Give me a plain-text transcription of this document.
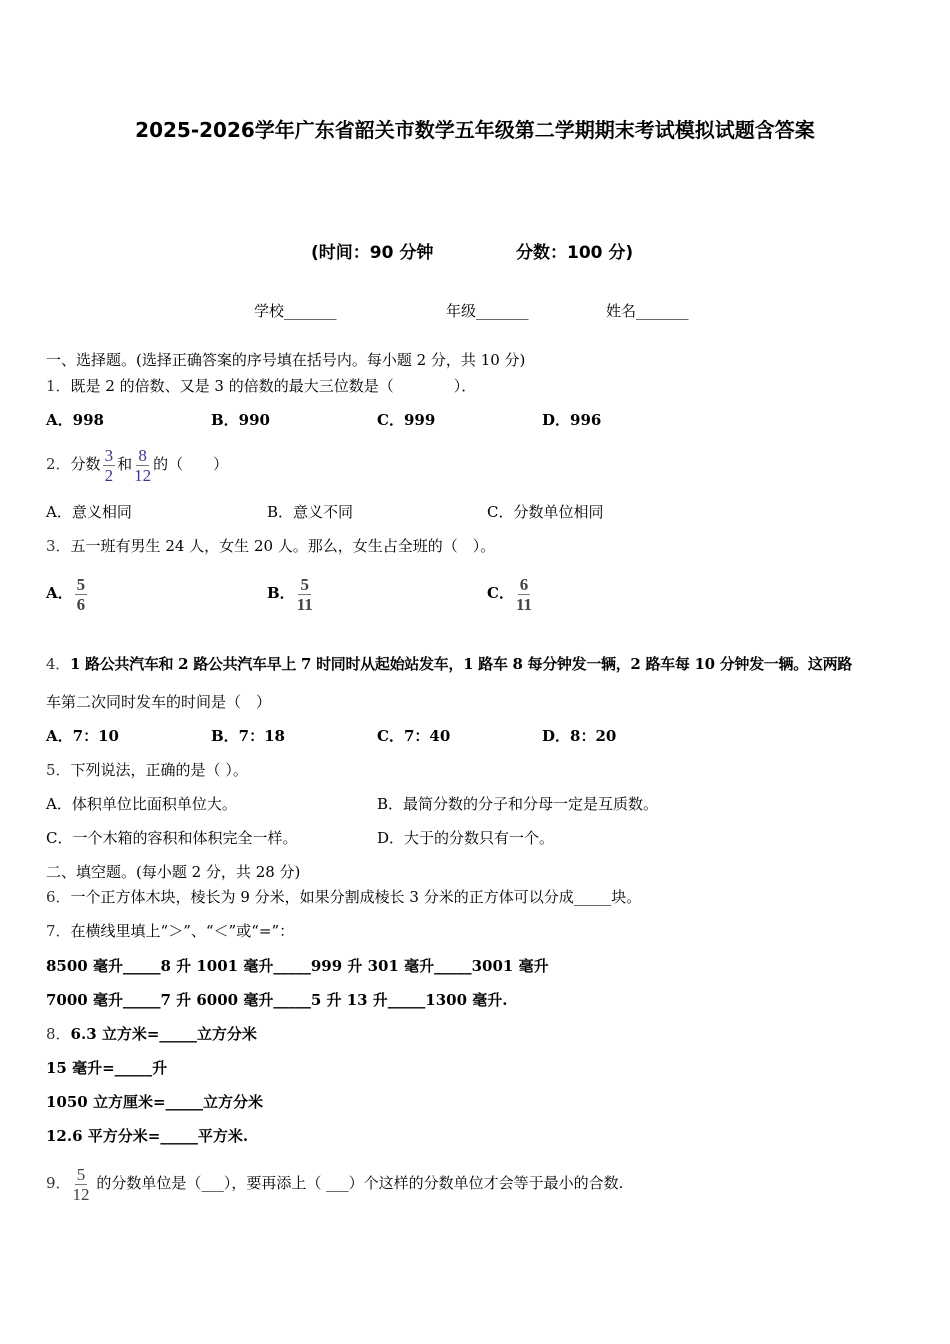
2025-2026学年广东省韶关市数学五年级第二学期期末考试模拟试题含答案
(时间：90 分钟	分数：100 分)
学校_______	年级_______	姓名_______
一、选择题。(选择正确答案的序号填在括号内。每小题 2 分，共 10 分)
1．既是 2 的倍数、又是 3 的倍数的最大三位数是（　　　　）．
A．998	B．990	C．999	D．996
2．分数 $\frac{3}{2}$ 和 $\frac{8}{12}$ 的（　　）
A．意义相同	B．意义不同	C．分数单位相同
3．五一班有男生 24 人，女生 20 人。那么，女生占全班的（　）。
A． $\frac{5}{6}$	B． $\frac{5}{11}$	C． $\frac{6}{11}$
4．1 路公共汽车和 2 路公共汽车早上 7 时同时从起始站发车，1 路车 8 每分钟发一辆，2 路车每 10 分钟发一辆。这两路
车第二次同时发车的时间是（　）
A．7：10	B．7：18	C．7：40	D．8：20
5．下列说法，正确的是（ ）。
A．体积单位比面积单位大。	B．最简分数的分子和分母一定是互质数。
C．一个木箱的容积和体积完全一样。	D．大于的分数只有一个。
二、填空题。(每小题 2 分，共 28 分)
6．一个正方体木块，棱长为 9 分米，如果分割成棱长 3 分米的正方体可以分成_____块。
7．在横线里填上“＞”、“＜”或“=”：
8500 毫升_____8 升 1001 毫升_____999 升 301 毫升_____3001 毫升
7000 毫升_____7 升 6000 毫升_____5 升 13 升_____1300 毫升.
8．6.3 立方米=_____立方分米
15 毫升=_____升
1050 立方厘米=_____立方分米
12.6 平方分米=_____平方米.
9． $\frac{5}{12}$ 的分数单位是（___），要再添上（ ___）个这样的分数单位才会等于最小的合数.
